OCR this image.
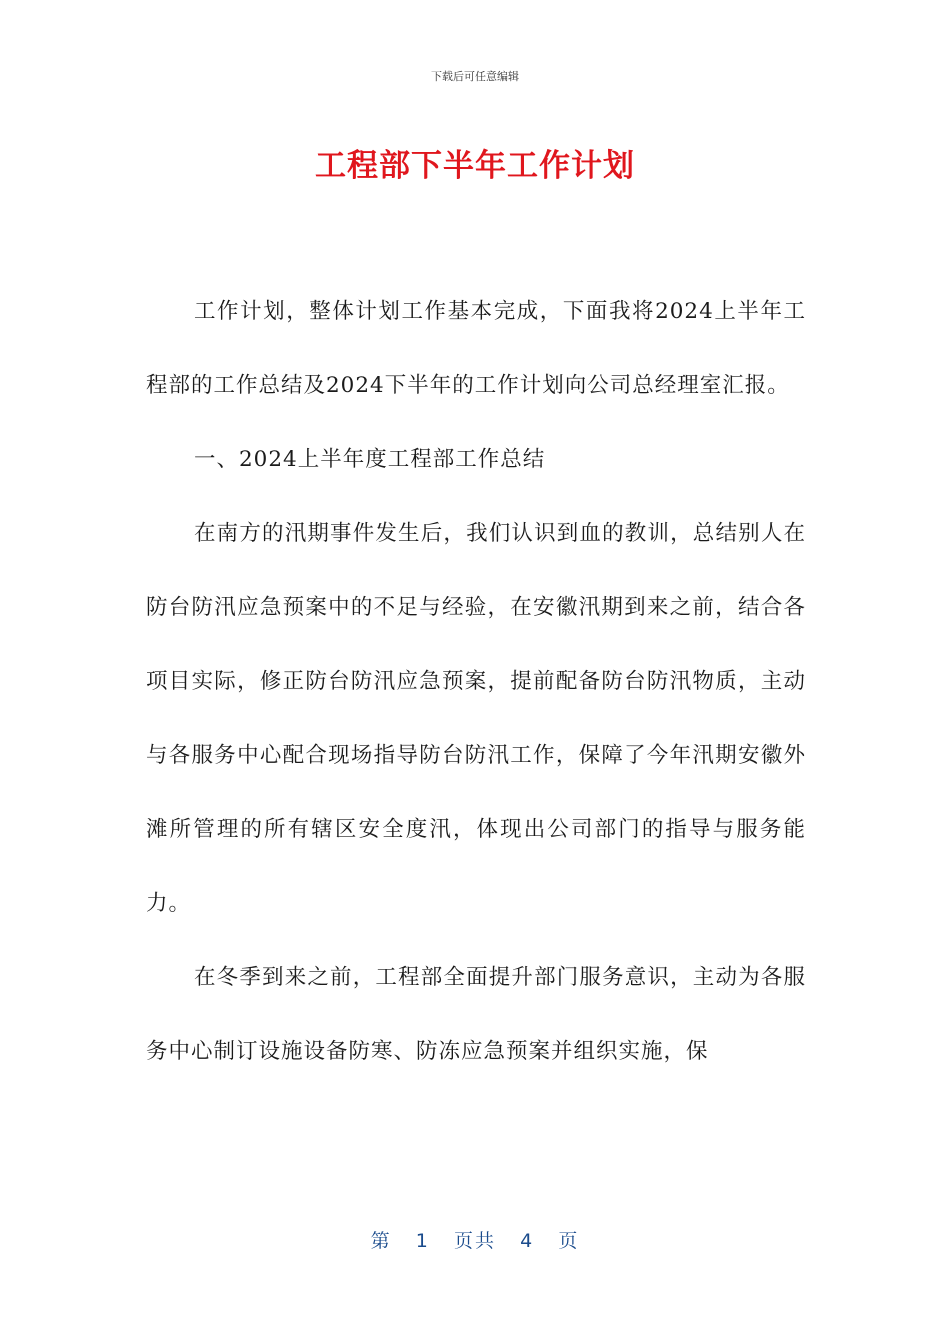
下载后可任意编辑
工程部下半年工作计划

工作计划，整体计划工作基本完成，下面我将2024上半年工程部的工作总结及2024下半年的工作计划向公司总经理室汇报。

一、2024上半年度工程部工作总结

在南方的汛期事件发生后，我们认识到血的教训，总结别人在防台防汛应急预案中的不足与经验，在安徽汛期到来之前，结合各项目实际，修正防台防汛应急预案，提前配备防台防汛物质，主动与各服务中心配合现场指导防台防汛工作，保障了今年汛期安徽外滩所管理的所有辖区安全度汛，体现出公司部门的指导与服务能力。

在冬季到来之前，工程部全面提升部门服务意识，主动为各服务中心制订设施设备防寒、防冻应急预案并组织实施，保

第 1 页共 4 页
